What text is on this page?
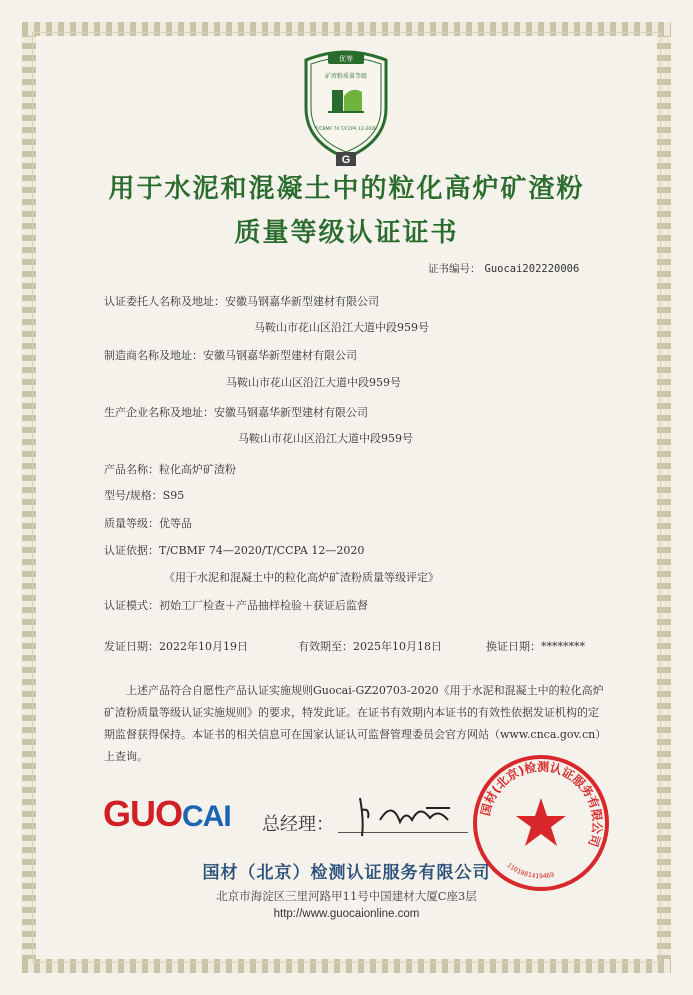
优等
矿渣粉质量等级
T/CBMF 74 T/CCPA 12-2020
G
用于水泥和混凝土中的粒化高炉矿渣粉
质量等级认证证书
证书编号： Guocai202220006
认证委托人名称及地址：安徽马钢嘉华新型建材有限公司
马鞍山市花山区沿江大道中段959号
制造商名称及地址：安徽马钢嘉华新型建材有限公司
马鞍山市花山区沿江大道中段959号
生产企业名称及地址：安徽马钢嘉华新型建材有限公司
马鞍山市花山区沿江大道中段959号
产品名称：粒化高炉矿渣粉
型号/规格：S95
质量等级：优等品
认证依据：T/CBMF 74—2020/T/CCPA 12—2020
《用于水泥和混凝土中的粒化高炉矿渣粉质量等级评定》
认证模式：初始工厂检查＋产品抽样检验＋获证后监督
发证日期：2022年10月19日	有效期至：2025年10月18日	换证日期：********
上述产品符合自愿性产品认证实施规则Guocai-GZ20703-2020《用于水泥和混凝土中的粒化高炉矿渣粉质量等级认证实施规则》的要求，特发此证。在证书有效期内本证书的有效性依据发证机构的定期监督获得保持。本证书的相关信息可在国家认证认可监督管理委员会官方网站（www.cnca.gov.cn）上查询。
GUOCAI 总经理：
国材(北京)检测认证服务有限公司
1101081419469
国材（北京）检测认证服务有限公司
北京市海淀区三里河路甲11号中国建材大厦C座3层
http://www.guocaionline.com
